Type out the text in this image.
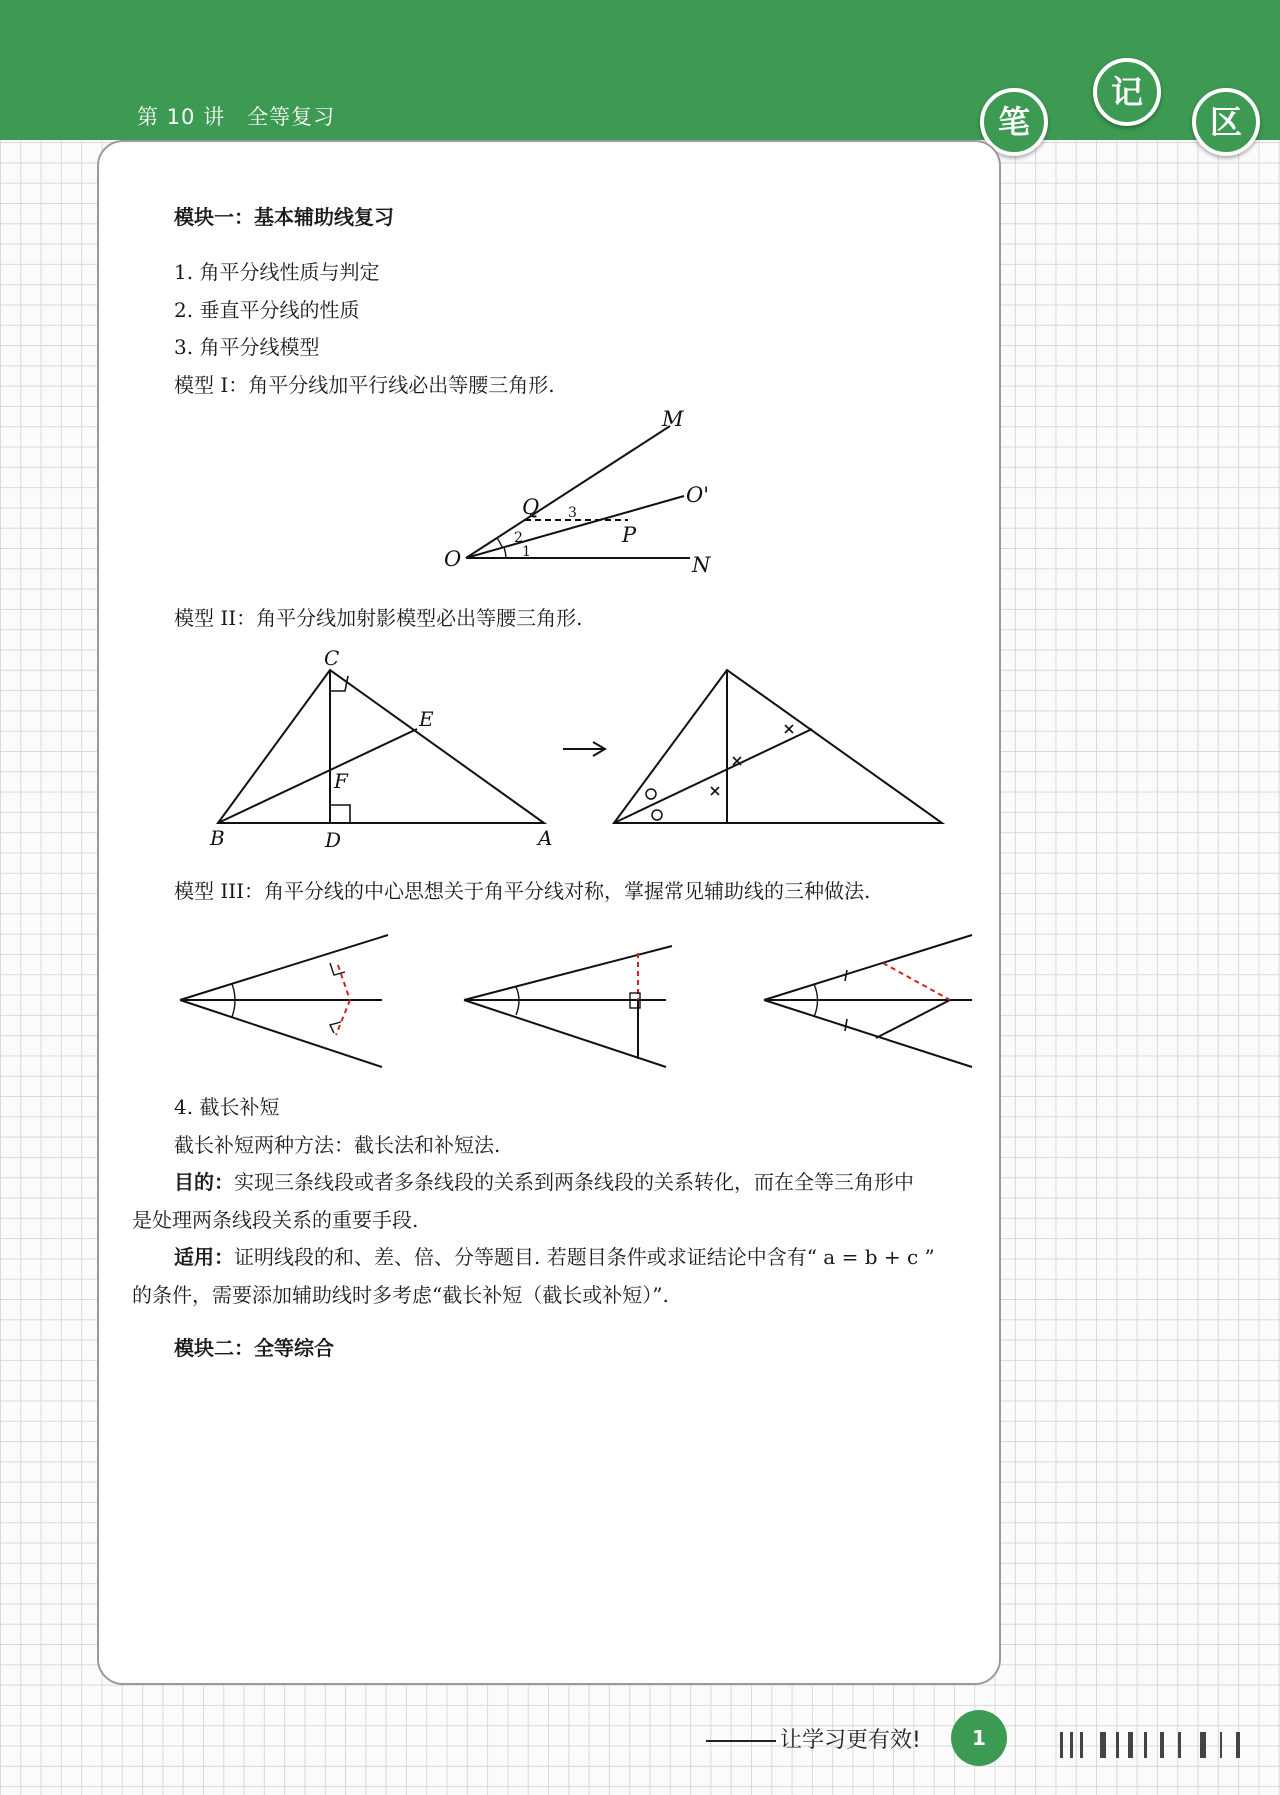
第 10 讲 全等复习	笔
记
区
模块一：基本辅助线复习
1. 角平分线性质与判定
2. 垂直平分线的性质
3. 角平分线模型
模型 I：角平分线加平行线必出等腰三角形.
M
Q	O'
P
O	N
1
2
3
模型 II：角平分线加射影模型必出等腰三角形.
C
E
F
B	D	A
模型 III：角平分线的中心思想关于角平分线对称，掌握常见辅助线的三种做法.
4. 截长补短
截长补短两种方法：截长法和补短法.
目的：实现三条线段或者多条线段的关系到两条线段的关系转化，而在全等三角形中
是处理两条线段关系的重要手段.
适用：证明线段的和、差、倍、分等题目. 若题目条件或求证结论中含有“ a = b + c ”
的条件，需要添加辅助线时多考虑“截长补短（截长或补短）”.
模块二：全等综合
让学习更有效!	1
